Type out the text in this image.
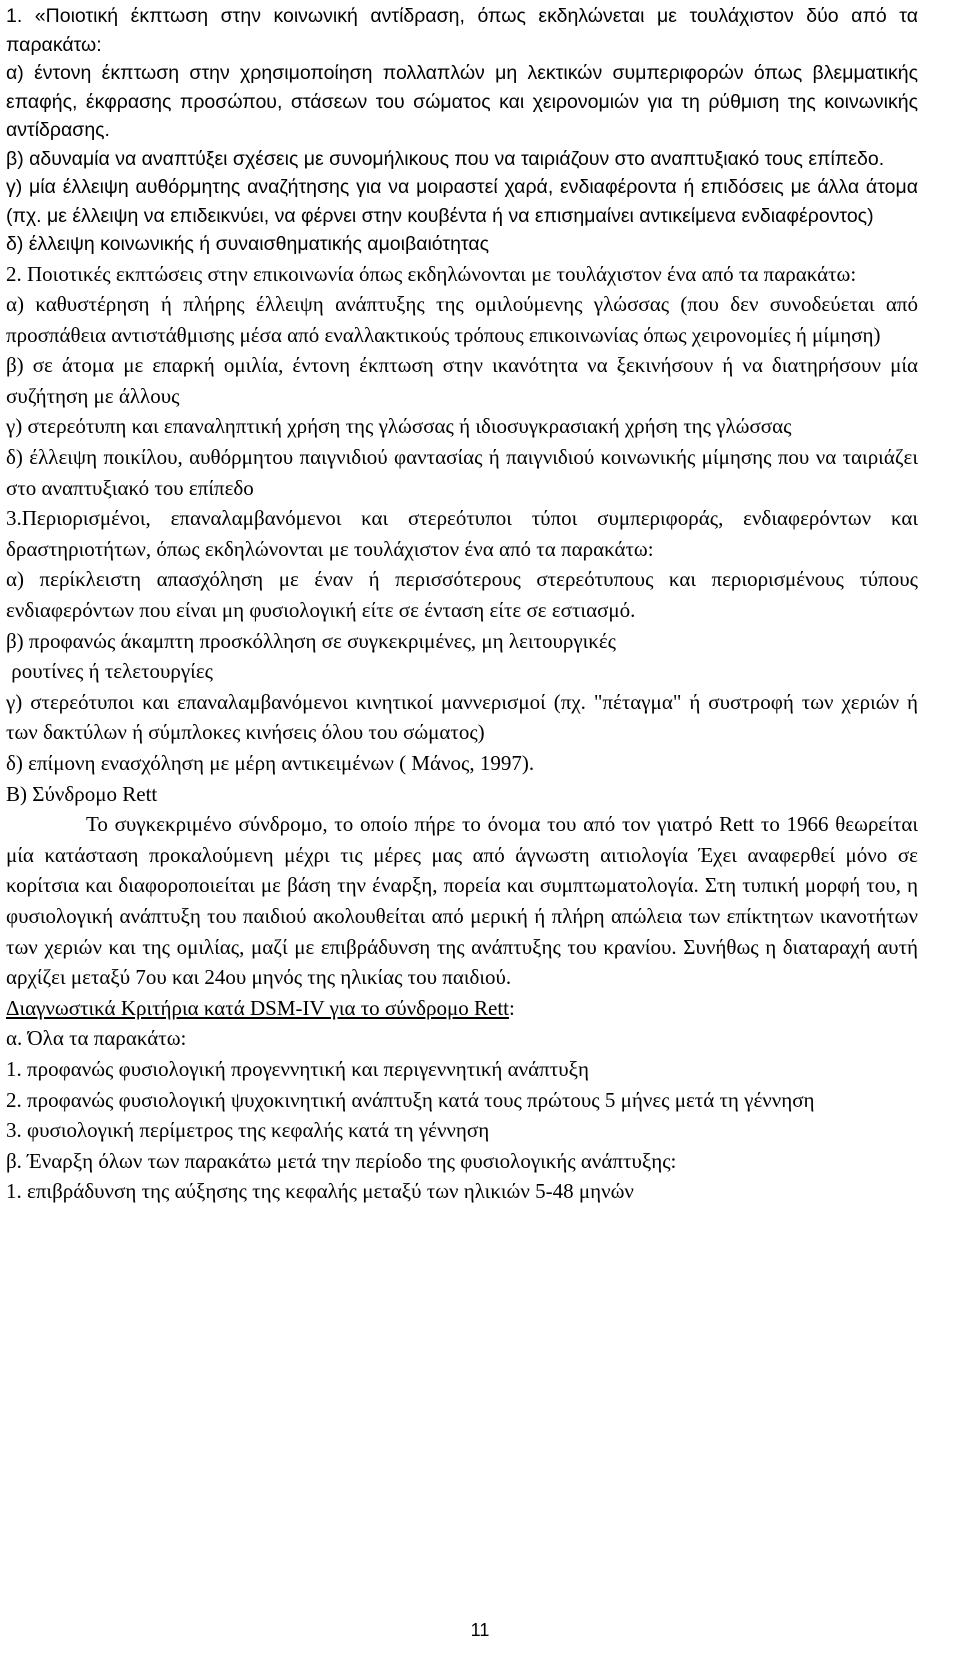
1. «Ποιοτική έκπτωση στην κοινωνική αντίδραση, όπως εκδηλώνεται με τουλάχιστον δύο από τα παρακάτω:

α) έντονη έκπτωση στην χρησιμοποίηση πολλαπλών μη λεκτικών συμπεριφορών όπως βλεμματικής επαφής, έκφρασης προσώπου, στάσεων του σώματος και χειρονομιών για τη ρύθμιση της κοινωνικής αντίδρασης.

β) αδυναμία να αναπτύξει σχέσεις με συνομήλικους που να ταιριάζουν στο αναπτυξιακό τους επίπεδο.

γ) μία έλλειψη αυθόρμητης αναζήτησης για να μοιραστεί χαρά, ενδιαφέροντα ή επιδόσεις με άλλα άτομα (πχ. με έλλειψη να επιδεικνύει, να φέρνει στην κουβέντα ή να επισημαίνει αντικείμενα ενδιαφέροντος)

δ) έλλειψη κοινωνικής ή συναισθηματικής αμοιβαιότητας

2. Ποιοτικές εκπτώσεις στην επικοινωνία όπως εκδηλώνονται με τουλάχιστον ένα από τα παρακάτω:

α) καθυστέρηση ή πλήρης έλλειψη ανάπτυξης της ομιλούμενης γλώσσας (που δεν συνοδεύεται από προσπάθεια αντιστάθμισης μέσα από εναλλακτικούς τρόπους επικοινωνίας όπως χειρονομίες ή μίμηση)

β) σε άτομα με επαρκή ομιλία, έντονη έκπτωση στην ικανότητα να ξεκινήσουν ή να διατηρήσουν μία συζήτηση με άλλους

γ) στερεότυπη και επαναληπτική χρήση της γλώσσας ή ιδιοσυγκρασιακή χρήση της γλώσσας

δ) έλλειψη ποικίλου, αυθόρμητου παιγνιδιού φαντασίας ή παιγνιδιού κοινωνικής μίμησης που να ταιριάζει στο αναπτυξιακό του επίπεδο

3.Περιορισμένοι, επαναλαμβανόμενοι και στερεότυποι τύποι συμπεριφοράς, ενδιαφερόντων και δραστηριοτήτων, όπως εκδηλώνονται με τουλάχιστον ένα από τα παρακάτω:

α) περίκλειστη απασχόληση με έναν ή περισσότερους στερεότυπους και περιορισμένους τύπους ενδιαφερόντων που είναι μη φυσιολογική είτε σε ένταση είτε σε εστιασμό.

β) προφανώς άκαμπτη προσκόλληση σε συγκεκριμένες, μη λειτουργικές

ρουτίνες ή τελετουργίες

γ) στερεότυποι και επαναλαμβανόμενοι κινητικοί μαννερισμοί (πχ. "πέταγμα" ή συστροφή των χεριών ή των δακτύλων ή σύμπλοκες κινήσεις όλου του σώματος)

δ) επίμονη ενασχόληση με μέρη αντικειμένων ( Μάνος, 1997).

Β) Σύνδρομο Rett

Το συγκεκριμένο σύνδρομο, το οποίο πήρε το όνομα του από τον γιατρό Rett το 1966 θεωρείται μία κατάσταση προκαλούμενη μέχρι τις μέρες μας από άγνωστη αιτιολογία Έχει αναφερθεί μόνο σε κορίτσια και διαφοροποιείται με βάση την έναρξη, πορεία και συμπτωματολογία. Στη τυπική μορφή του, η φυσιολογική ανάπτυξη του παιδιού ακολουθείται από μερική ή πλήρη απώλεια των επίκτητων ικανοτήτων των χεριών και της ομιλίας, μαζί με επιβράδυνση της ανάπτυξης του κρανίου. Συνήθως η διαταραχή αυτή αρχίζει μεταξύ 7ου και 24ου μηνός της ηλικίας του παιδιού.

Διαγνωστικά Κριτήρια κατά DSM-IV για το σύνδρομο Rett:

α. Όλα τα παρακάτω:

1. προφανώς φυσιολογική προγεννητική και περιγεννητική ανάπτυξη

2. προφανώς φυσιολογική ψυχοκινητική ανάπτυξη κατά τους πρώτους 5 μήνες μετά τη γέννηση

3. φυσιολογική περίμετρος της κεφαλής κατά τη γέννηση

β. Έναρξη όλων των παρακάτω μετά την περίοδο της φυσιολογικής ανάπτυξης:

1. επιβράδυνση της αύξησης της κεφαλής μεταξύ των ηλικιών 5-48 μηνών

11
